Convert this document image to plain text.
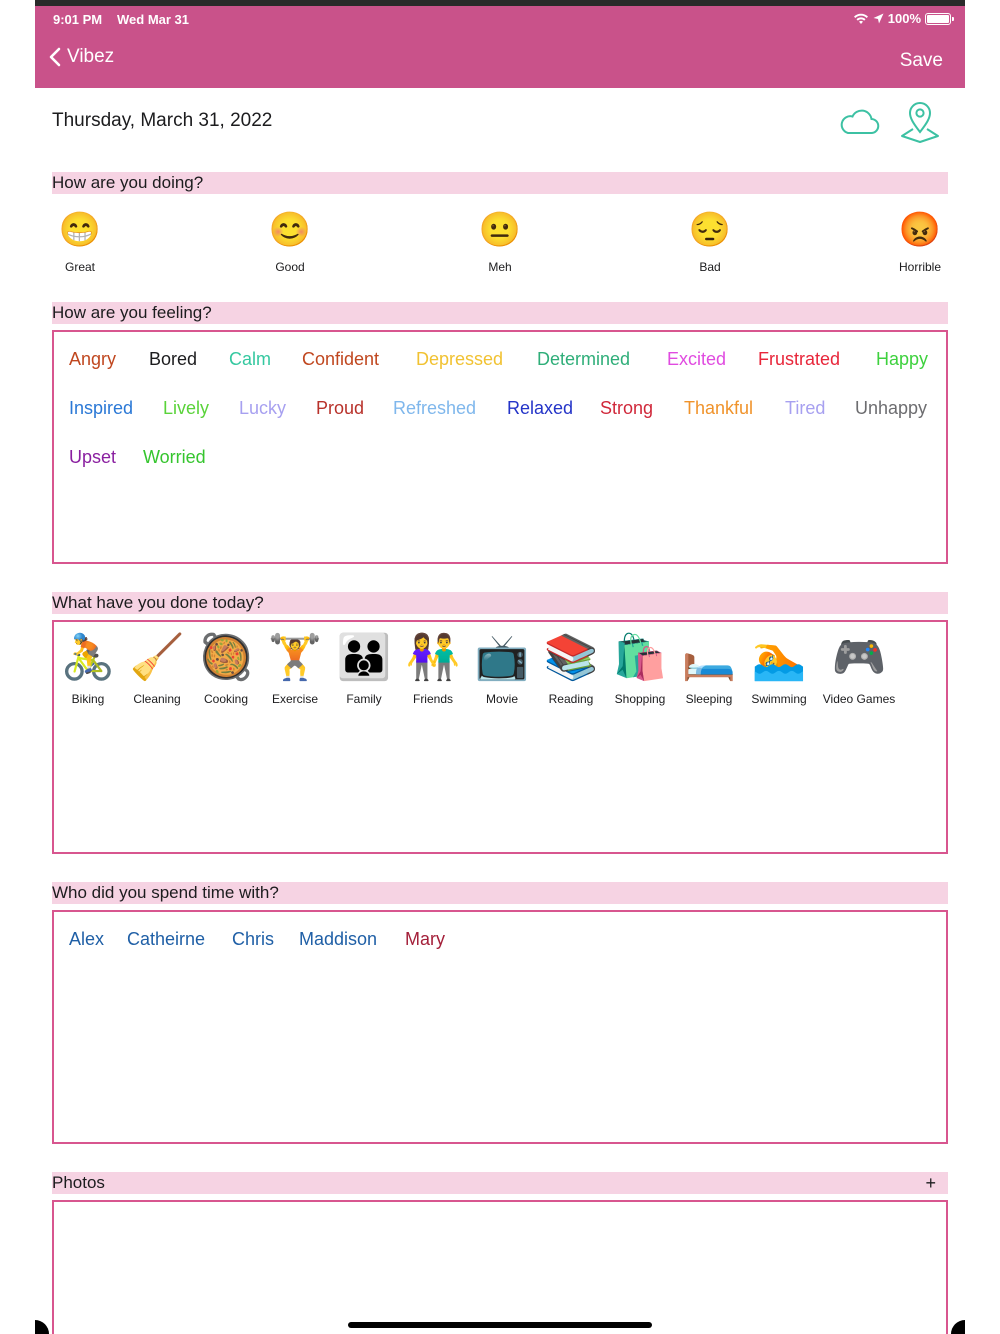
9:01 PM Wed Mar 31	100%
Vibez	Save
Thursday, March 31, 2022
How are you doing?
😁
Great
😊
Good
😐
Meh
😔
Bad
😡
Horrible
How are you feeling?
Angry Bored Calm Confident Depressed Determined Excited Frustrated Happy
Inspired Lively Lucky Proud Refreshed Relaxed Strong Thankful Tired Unhappy
Upset Worried
What have you done today?
🚴
Biking
🧹
Cleaning
🥘
Cooking
🏋️
Exercise
👨‍👨‍👦
Family
👫
Friends
📺
Movie
📚
Reading
🛍️
Shopping
🛏️
Sleeping
🏊
Swimming
🎮
Video Games
Who did you spend time with?
Alex Catheirne Chris Maddison Mary
Photos	+
